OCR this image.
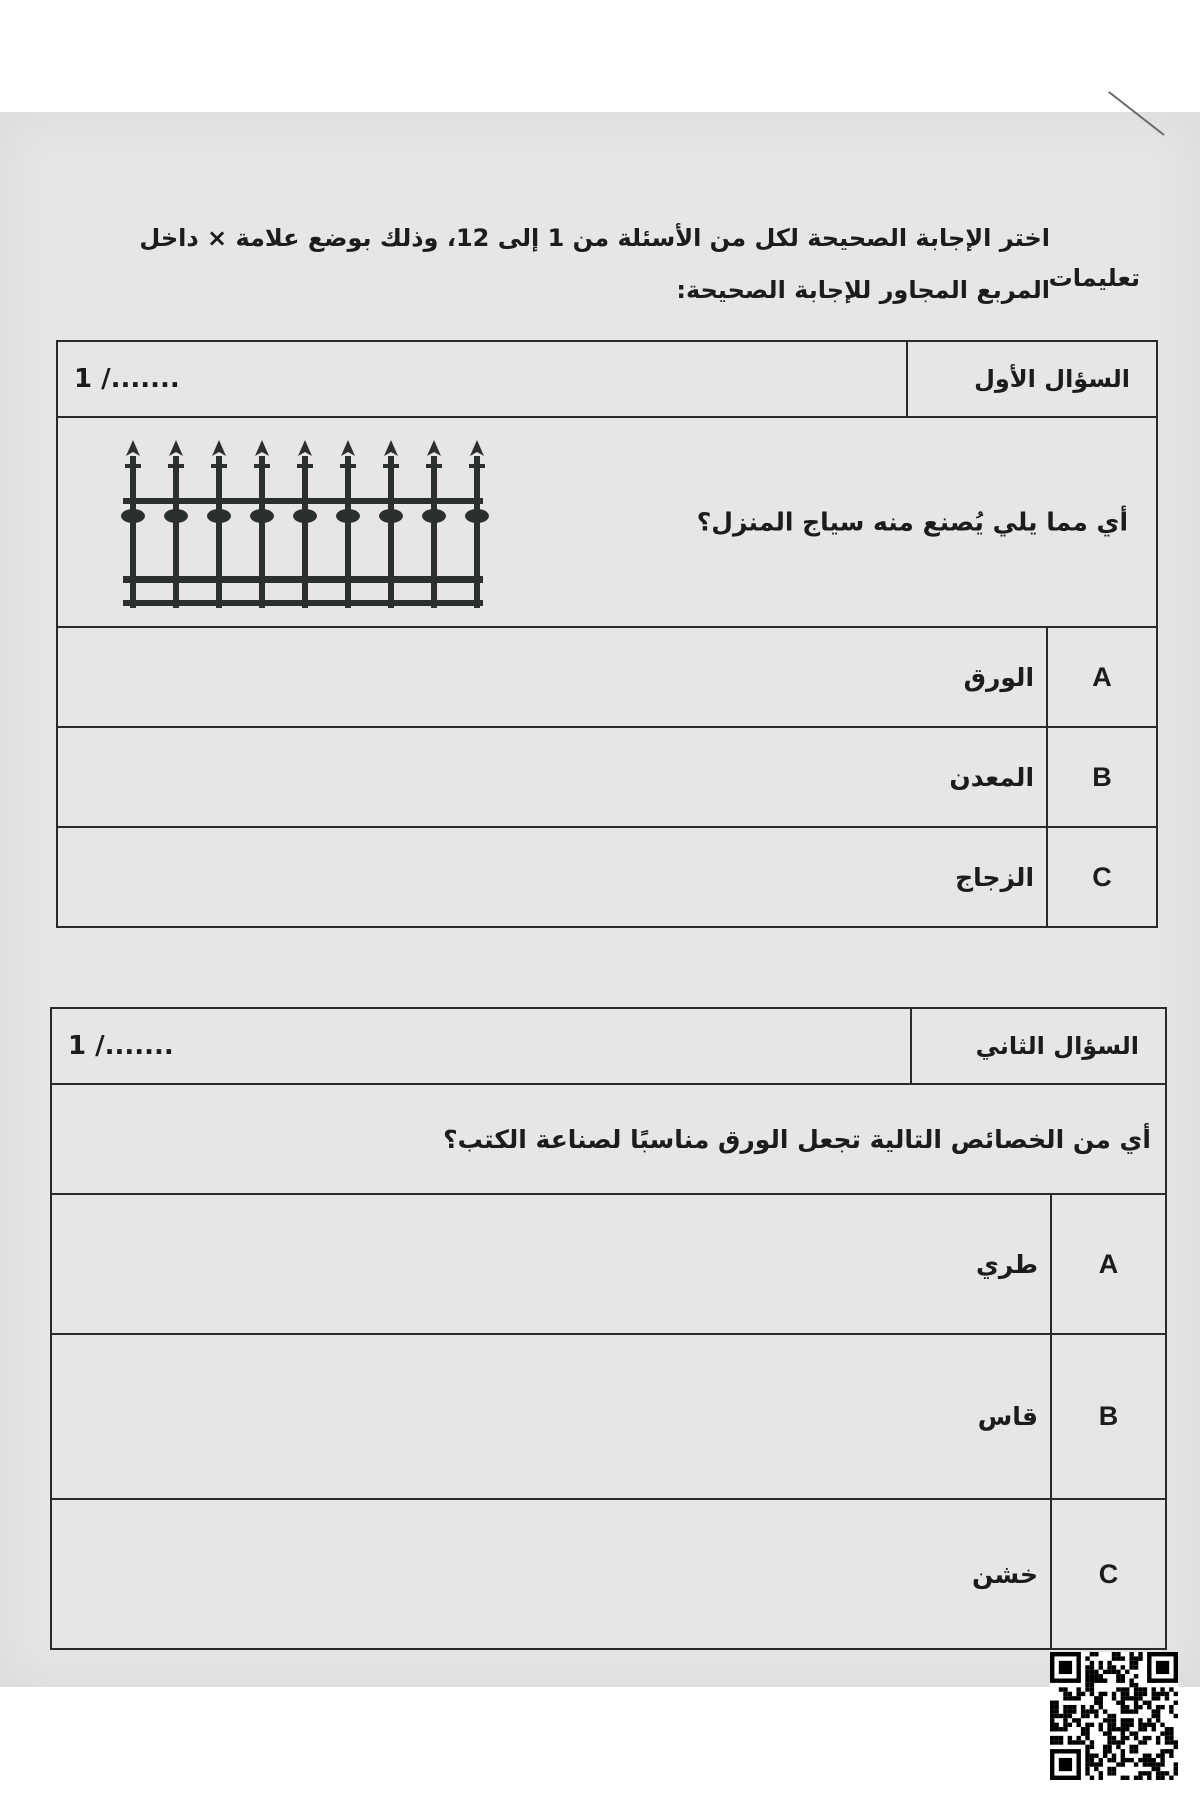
تعليمات
اختر الإجابة الصحيحة لكل من الأسئلة من 1 إلى 12، وذلك بوضع علامة × داخل المربع المجاور للإجابة الصحيحة:
السؤال الأول		1 /.......

أي مما يلي يُصنع منه سياج المنزل؟		

A	الورق	
B	المعدن	
C	الزجاج	
السؤال الثاني		1 /.......
أي من الخصائص التالية تجعل الورق مناسبًا لصناعة الكتب؟		
A	طري	
B	قاس	
C	خشن	
